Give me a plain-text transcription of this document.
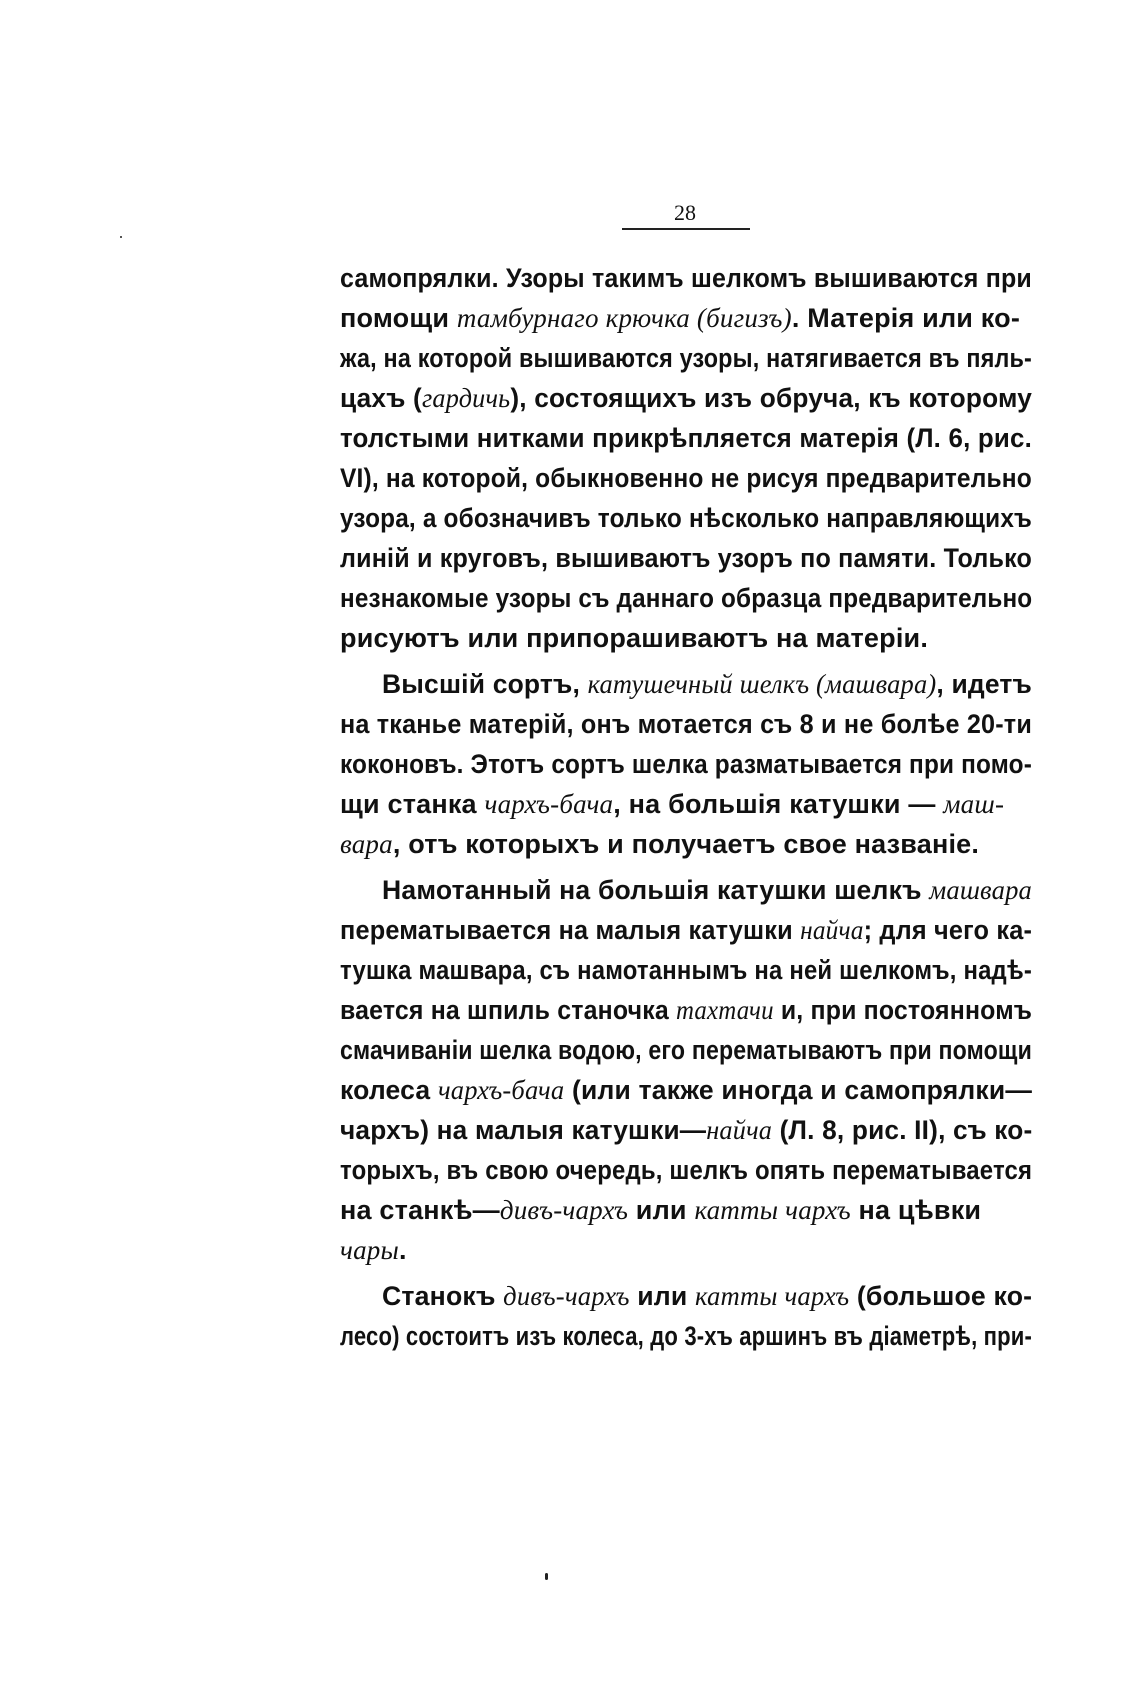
28
самопрялки. Узоры такимъ шелкомъ вышиваются при
помощи тамбурнаго крючка (бигизъ). Матерія или ко-
жа, на которой вышиваются узоры, натягивается въ пяль-
цахъ (гардичь), состоящихъ изъ обруча, къ которому
толстыми нитками прикрѣпляется матерія (Л. 6, рис.
VI), на которой, обыкновенно не рисуя предварительно
узора, а обозначивъ только нѣсколько направляющихъ
линій и круговъ, вышиваютъ узоръ по памяти. Только
незнакомые узоры съ даннаго образца предварительно
рисуютъ или припорашиваютъ на матеріи.
Высшій сортъ, катушечный шелкъ (машвара), идетъ
на тканье матерій, онъ мотается съ 8 и не болѣе 20-ти
коконовъ. Этотъ сортъ шелка разматывается при помо-
щи станка чархъ-бача, на большія катушки — маш-
вара, отъ которыхъ и получаетъ свое названіе.
Намотанный на большія катушки шелкъ машвара
перематывается на малыя катушки найча; для чего ка-
тушка машвара, съ намотаннымъ на ней шелкомъ, надѣ-
вается на шпиль станочка тахтачи и, при постоянномъ
смачиваніи шелка водою, его перематываютъ при помощи
колеса чархъ-бача (или также иногда и самопрялки—
чархъ) на малыя катушки—найча (Л. 8, рис. II), съ ко-
торыхъ, въ свою очередь, шелкъ опять перематывается
на станкѣ—дивъ-чархъ или катты чархъ на цѣвки
чары.
Станокъ дивъ-чархъ или катты чархъ (большое ко-
лесо) состоитъ изъ колеса, до 3-хъ аршинъ въ діаметрѣ, при-
